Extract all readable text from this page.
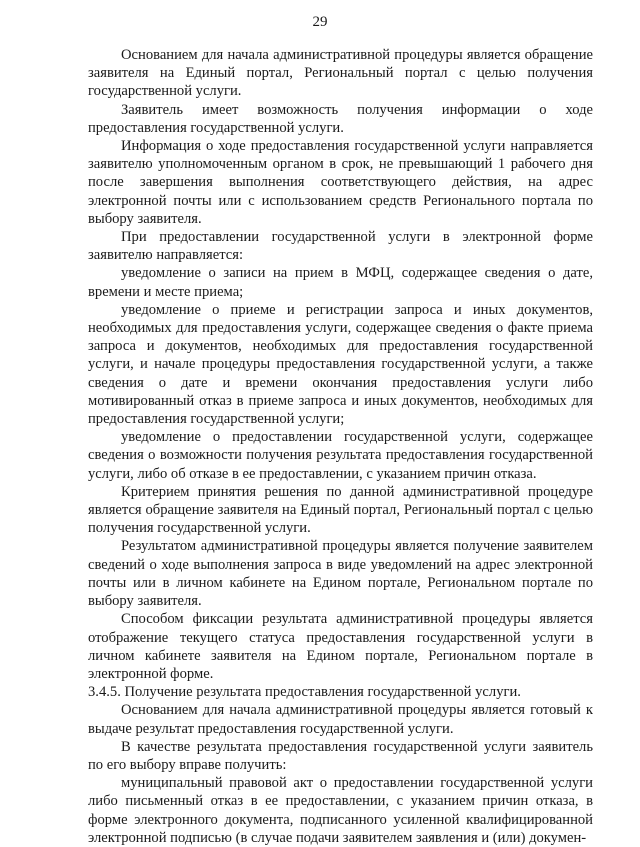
29

Основанием для начала административной процедуры является обращение заявителя на Единый портал, Региональный портал с целью получения государственной услуги.

Заявитель имеет возможность получения информации о ходе предоставления государственной услуги.

Информация о ходе предоставления государственной услуги направляется заявителю уполномоченным органом в срок, не превышающий 1 рабочего дня после завершения выполнения соответствующего действия, на адрес электронной почты или с использованием средств Регионального портала по выбору заявителя.

При предоставлении государственной услуги в электронной форме заявителю направляется:

уведомление о записи на прием в МФЦ, содержащее сведения о дате, времени и месте приема;

уведомление о приеме и регистрации запроса и иных документов, необходимых для предоставления услуги, содержащее сведения о факте приема запроса и документов, необходимых для предоставления государственной услуги, и начале процедуры предоставления государственной услуги, а также сведения о дате и времени окончания предоставления услуги либо мотивированный отказ в приеме запроса и иных документов, необходимых для предоставления государственной услуги;

уведомление о предоставлении государственной услуги, содержащее сведения о возможности получения результата предоставления государственной услуги, либо об отказе в ее предоставлении, с указанием причин отказа.

Критерием принятия решения по данной административной процедуре является обращение заявителя на Единый портал, Региональный портал с целью получения государственной услуги.

Результатом административной процедуры является получение заявителем сведений о ходе выполнения запроса в виде уведомлений на адрес электронной почты или в личном кабинете на Едином портале, Региональном портале по выбору заявителя.

Способом фиксации результата административной процедуры является отображение текущего статуса предоставления государственной услуги в личном кабинете заявителя на Едином портале, Региональном портале в электронной форме.

3.4.5. Получение результата предоставления государственной услуги.

Основанием для начала административной процедуры является готовый к выдаче результат предоставления государственной услуги.

В качестве результата предоставления государственной услуги заявитель по его выбору вправе получить:

муниципальный правовой акт о предоставлении государственной услуги либо письменный отказ в ее предоставлении, с указанием причин отказа, в форме электронного документа, подписанного усиленной квалифицированной электронной подписью (в случае подачи заявителем заявления и (или) докумен-
